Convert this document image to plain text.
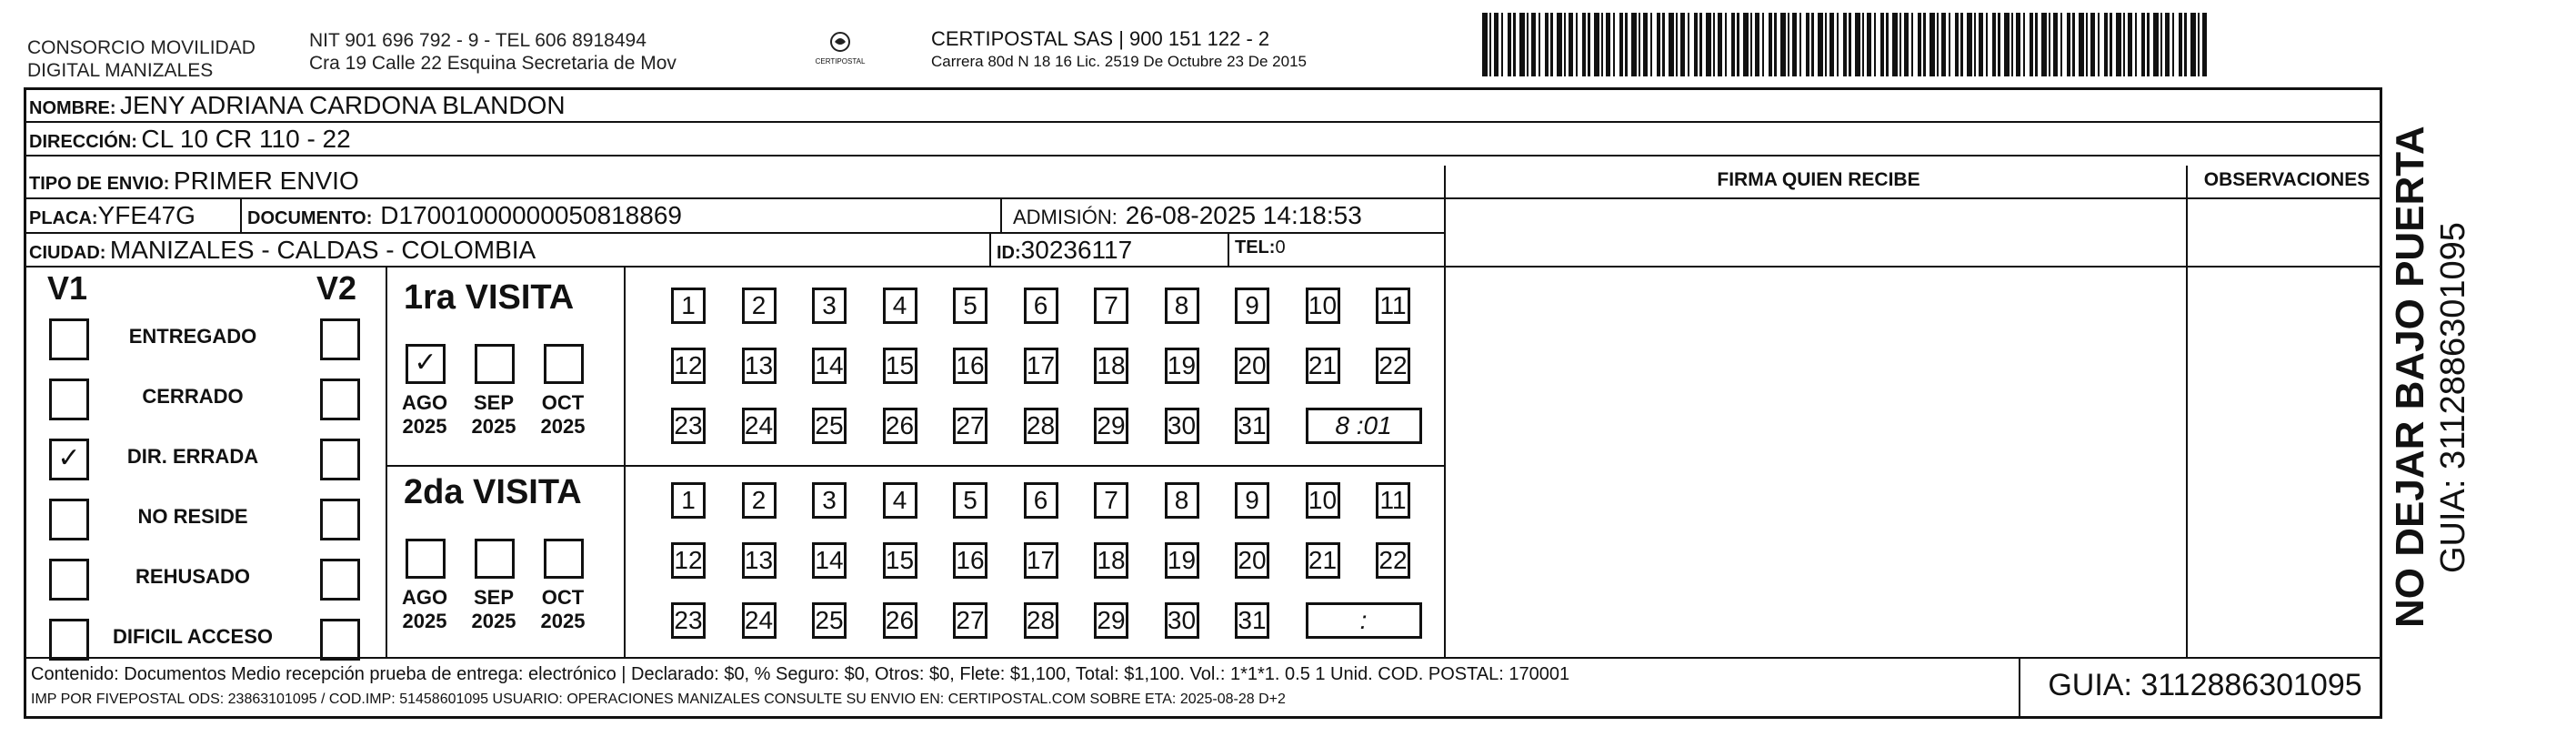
CONSORCIO MOVILIDAD
DIGITAL MANIZALES
NIT 901 696 792 - 9 - TEL 606 8918494
Cra 19 Calle 22 Esquina Secretaria de Mov	CERTIPOSTAL
CERTIPOSTAL SAS | 900 151 122 - 2
Carrera 80d N 18 16 Lic. 2519 De Octubre 23 De 2015
NOMBRE: JENY ADRIANA CARDONA BLANDON
DIRECCIÓN: CL 10 CR 110 - 22
TIPO DE ENVIO: PRIMER ENVIO	FIRMA QUIEN RECIBE	OBSERVACIONES
PLACA:YFE47G	DOCUMENTO: D17001000000050818869	ADMISIÓN: 26-08-2025 14:18:53
CIUDAD: MANIZALES - CALDAS - COLOMBIA	ID:30236117	TEL:0
V1	V2
ENTREGADO
CERRADO
✓	DIR. ERRADA
NO RESIDE
REHUSADO
DIFICIL ACCESO
1ra VISITA
2da VISITA
✓
AGO
2025
SEP
2025
OCT
2025
AGO
2025
SEP
2025
OCT
2025
1	2	3	4	5	6	7	8	9	10 11
12 13 14 15 16 17 18 19 20 21 22
23 24 25 26 27 28 29 30 31	8 :01
1	2	3	4	5	6	7	8	9	10 11
12 13 14 15 16 17 18 19 20 21 22
23 24 25 26 27 28 29 30 31	:
Contenido: Documentos Medio recepción prueba de entrega: electrónico | Declarado: $0, % Seguro: $0, Otros: $0, Flete: $1,100, Total: $1,100. Vol.: 1*1*1. 0.5 1 Unid. COD. POSTAL: 170001
IMP POR FIVEPOSTAL ODS: 23863101095 / COD.IMP: 51458601095 USUARIO: OPERACIONES MANIZALES CONSULTE SU ENVIO EN: CERTIPOSTAL.COM SOBRE ETA: 2025-08-28 D+2	GUIA: 3112886301095
NO DEJAR BAJO PUERTA GUIA: 3112886301095
